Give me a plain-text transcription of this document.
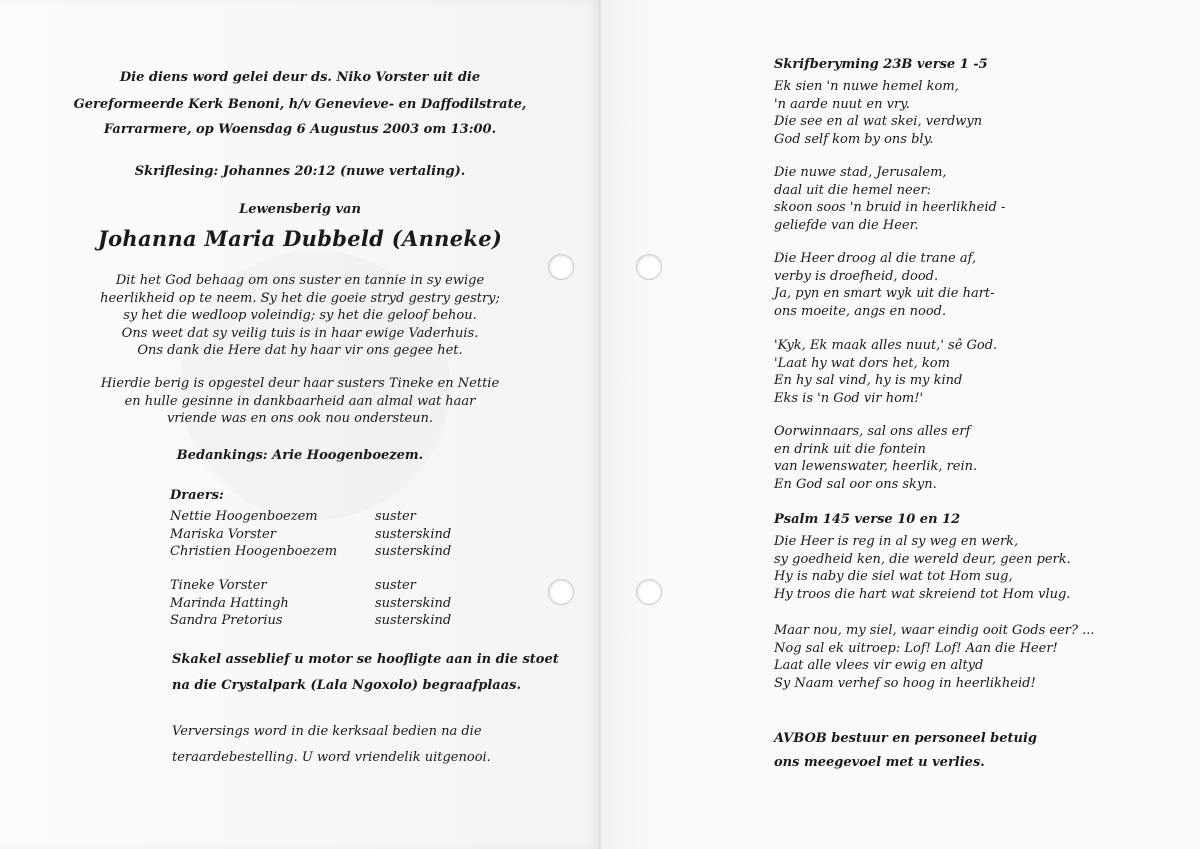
Die diens word gelei deur ds. Niko Vorster uit die

Gereformeerde Kerk Benoni, h/v Genevieve- en Daffodilstrate,

Farrarmere, op Woensdag 6 Augustus 2003 om 13:00.

Skriflesing: Johannes 20:12 (nuwe vertaling).

Lewensberig van

Johanna Maria Dubbeld (Anneke)

Dit het God behaag om ons suster en tannie in sy ewige
heerlikheid op te neem. Sy het die goeie stryd gestry gestry;
sy het die wedloop voleindig; sy het die geloof behou.
Ons weet dat sy veilig tuis is in haar ewige Vaderhuis.
Ons dank die Here dat hy haar vir ons gegee het.
Hierdie berig is opgestel deur haar susters Tineke en Nettie
en hulle gesinne in dankbaarheid aan almal wat haar
vriende was en ons ook nou ondersteun.

Bedankings: Arie Hoogenboezem.

Draers:

Nettie Hoogenboezem	suster
Mariska Vorster	susterskind
Christien Hoogenboezem	susterskind
Tineke Vorster	suster
Marinda Hattingh	susterskind
Sandra Pretorius	susterskind

Skakel asseblief u motor se hoofligte aan in die stoet

na die Crystalpark (Lala Ngoxolo) begraafplaas.

Verversings word in die kerksaal bedien na die

teraardebestelling. U word vriendelik uitgenooi.

Skrifberyming 23B verse 1 -5

Ek sien 'n nuwe hemel kom,
'n aarde nuut en vry.
Die see en al wat skei, verdwyn
God self kom by ons bly.
Die nuwe stad, Jerusalem,
daal uit die hemel neer:
skoon soos 'n bruid in heerlikheid -
geliefde van die Heer.
Die Heer droog al die trane af,
verby is droefheid, dood.
Ja, pyn en smart wyk uit die hart-
ons moeite, angs en nood.
'Kyk, Ek maak alles nuut,' sê God.
'Laat hy wat dors het, kom
En hy sal vind, hy is my kind
Eks is 'n God vir hom!'
Oorwinnaars, sal ons alles erf
en drink uit die fontein
van lewenswater, heerlik, rein.
En God sal oor ons skyn.

Psalm 145 verse 10 en 12

Die Heer is reg in al sy weg en werk,
sy goedheid ken, die wereld deur, geen perk.
Hy is naby die siel wat tot Hom sug,
Hy troos die hart wat skreiend tot Hom vlug.
Maar nou, my siel, waar eindig ooit Gods eer? ...
Nog sal ek uitroep: Lof! Lof! Aan die Heer!
Laat alle vlees vir ewig en altyd
Sy Naam verhef so hoog in heerlikheid!

AVBOB bestuur en personeel betuig

ons meegevoel met u verlies.
